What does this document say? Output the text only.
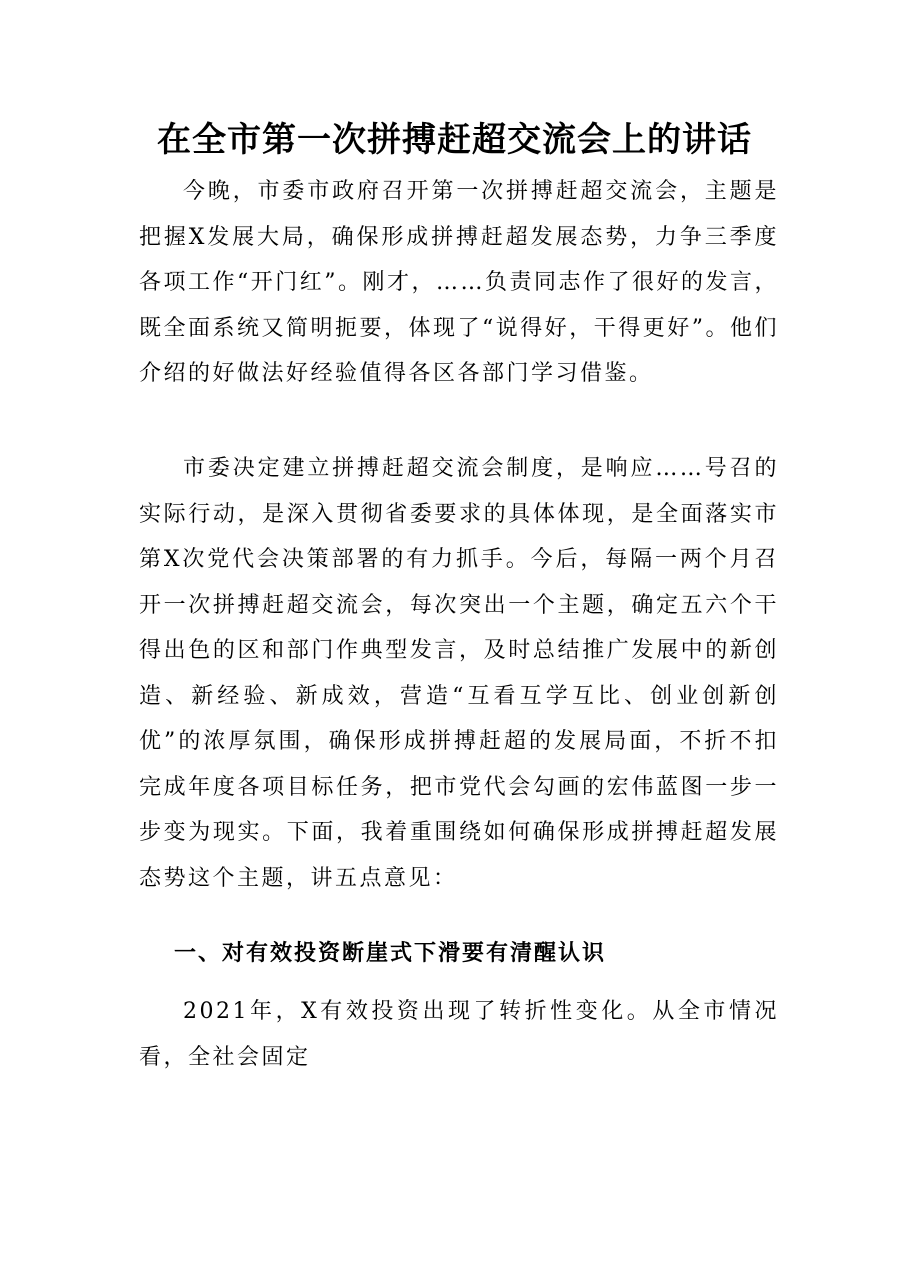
在全市第一次拼搏赶超交流会上的讲话

今晚，市委市政府召开第一次拼搏赶超交流会，主题是把握X发展大局，确保形成拼搏赶超发展态势，力争三季度各项工作“开门红”。刚才，……负责同志作了很好的发言，既全面系统又简明扼要，体现了“说得好，干得更好”。他们介绍的好做法好经验值得各区各部门学习借鉴。

市委决定建立拼搏赶超交流会制度，是响应……号召的实际行动，是深入贯彻省委要求的具体体现，是全面落实市第X次党代会决策部署的有力抓手。今后，每隔一两个月召开一次拼搏赶超交流会，每次突出一个主题，确定五六个干得出色的区和部门作典型发言，及时总结推广发展中的新创造、新经验、新成效，营造“互看互学互比、创业创新创优”的浓厚氛围，确保形成拼搏赶超的发展局面，不折不扣完成年度各项目标任务，把市党代会勾画的宏伟蓝图一步一步变为现实。下面，我着重围绕如何确保形成拼搏赶超发展态势这个主题，讲五点意见：

一、对有效投资断崖式下滑要有清醒认识

2021年，X有效投资出现了转折性变化。从全市情况看，全社会固定
